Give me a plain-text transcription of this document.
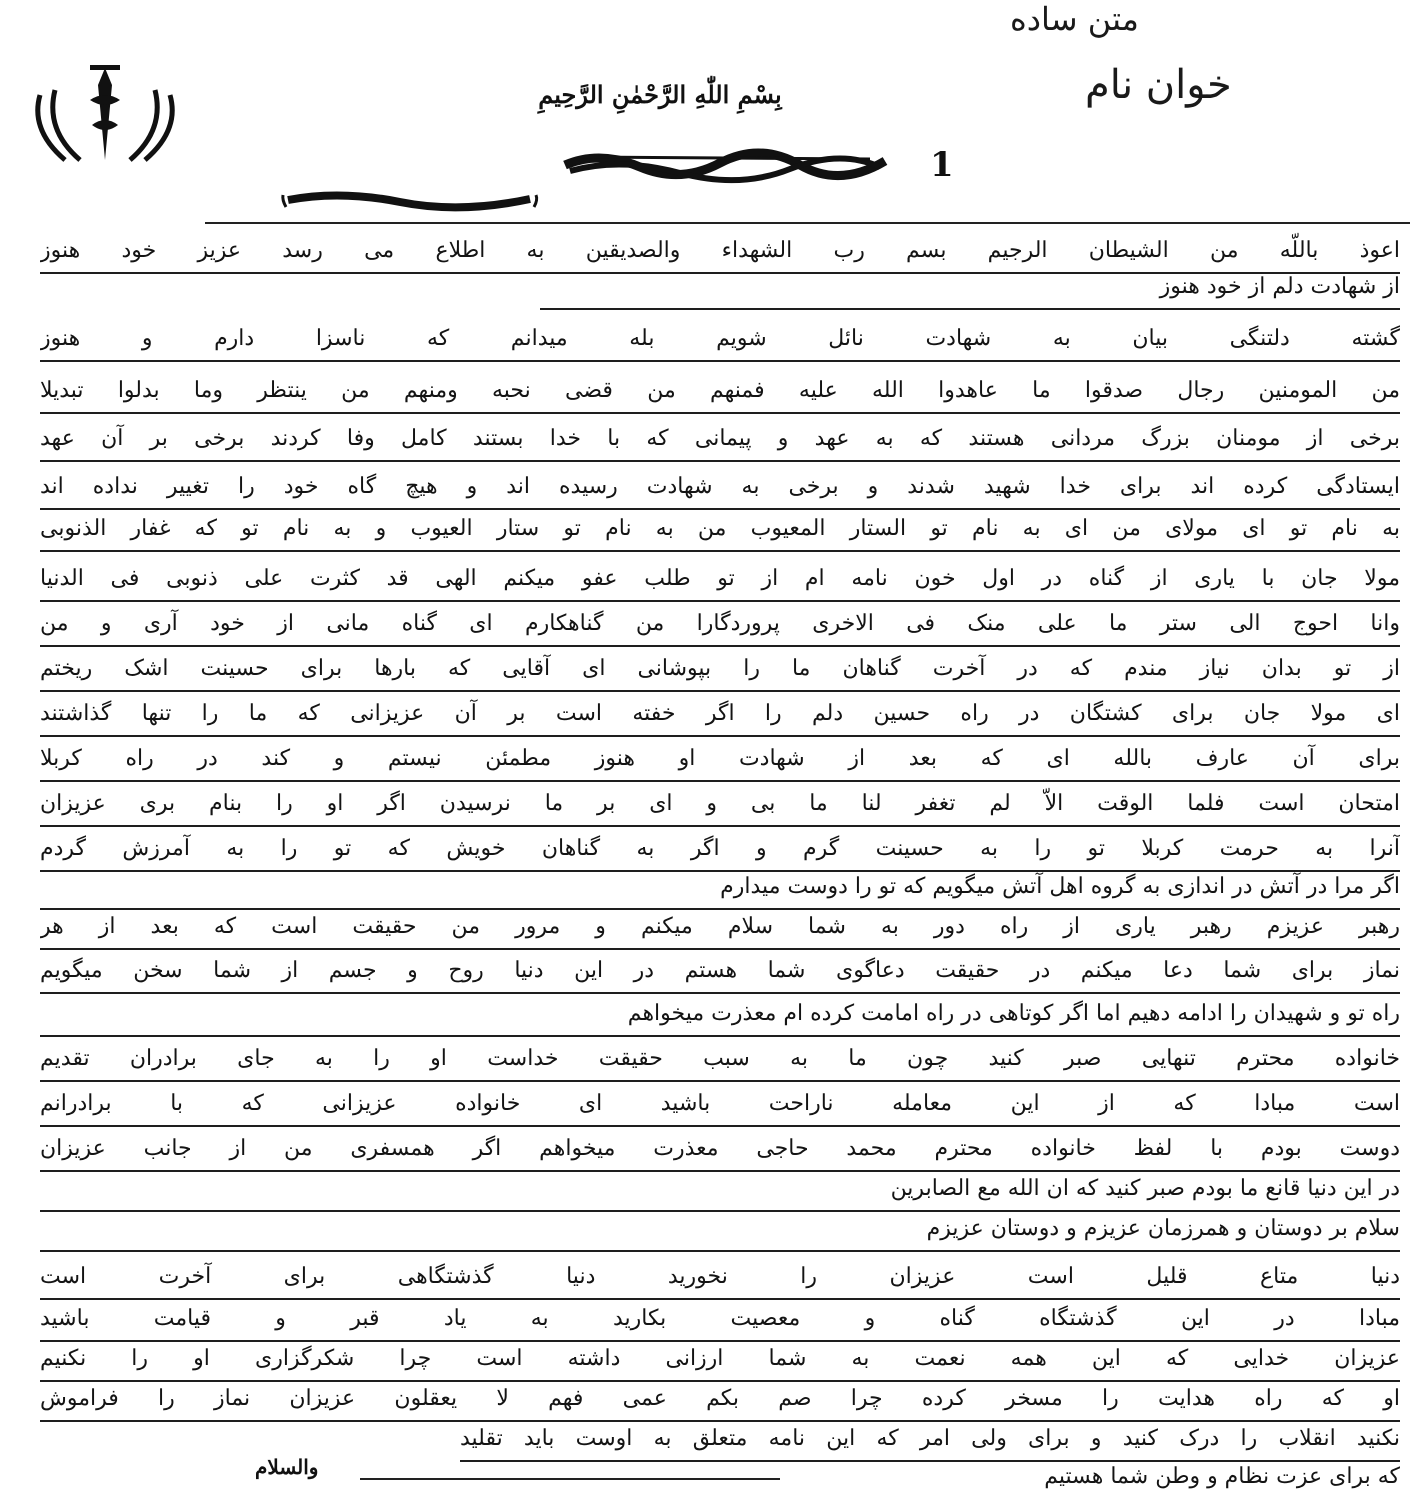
متن ساده
خوان نام
بِسْمِ اللّٰهِ الرَّحْمٰنِ الرَّحِيمِ
1
اعوذ باللّه من الشیطان الرجیم بسم رب الشهداء والصدیقین به اطلاع می رسد عزیز خود هنوز
از شهادت دلم از خود هنوز
گشته دلتنگی بیان به شهادت نائل شویم بله میدانم که ناسزا دارم و هنوز
من المومنین رجال صدقوا ما عاهدوا الله علیه فمنهم من قضی نحبه ومنهم من ینتظر وما بدلوا تبدیلا
برخی از مومنان بزرگ مردانی هستند که به عهد و پیمانی که با خدا بستند کامل وفا کردند برخی بر آن عهد
ایستادگی کرده اند برای خدا شهید شدند و برخی به شهادت رسیده اند و هیچ گاه خود را تغییر نداده اند
به نام تو ای مولای من ای به نام تو الستار المعیوب من به نام تو ستار العیوب و به نام تو که غفار الذنوبی
مولا جان با یاری از گناه در اول خون نامه ام از تو طلب عفو میکنم الهی قد کثرت علی ذنوبی فی الدنیا
وانا احوج الی ستر ما علی منک فی الاخری پروردگارا من گناهکارم ای گناه مانی از خود آری و من
از تو بدان نیاز مندم که در آخرت گناهان ما را بپوشانی ای آقایی که بارها برای حسینت اشک ریختم
ای مولا جان برای کشتگان در راه حسین دلم را اگر خفته است بر آن عزیزانی که ما را تنها گذاشتند
برای آن عارف بالله ای که بعد از شهادت او هنوز مطمئن نیستم و کند در راه کربلا
امتحان است فلما الوقت الاّ لم تغفر لنا ما بی و ای بر ما نرسیدن اگر او را بنام بری عزیزان
آنرا به حرمت کربلا تو را به حسینت گرم و اگر به گناهان خویش که تو را به آمرزش گردم
اگر مرا در آتش در اندازی به گروه اهل آتش میگویم که تو را دوست میدارم
رهبر عزیزم رهبر یاری از راه دور به شما سلام میکنم و مرور من حقیقت است که بعد از هر
نماز برای شما دعا میکنم در حقیقت دعاگوی شما هستم در این دنیا روح و جسم از شما سخن میگویم
راه تو و شهیدان را ادامه دهیم اما اگر کوتاهی در راه امامت کرده ام معذرت میخواهم
خانواده محترم تنهایی صبر کنید چون ما به سبب حقیقت خداست او را به جای برادران تقدیم
است مبادا که از این معامله ناراحت باشید ای خانواده عزیزانی که با برادرانم
دوست بودم با لفظ خانواده محترم محمد حاجی معذرت میخواهم اگر همسفری من از جانب عزیزان
در این دنیا قانع ما بودم صبر کنید که ان الله مع الصابرین
سلام بر دوستان و همرزمان عزیزم و دوستان عزیزم
دنیا متاع قلیل است عزیزان را نخورید دنیا گذشتگاهی برای آخرت است
مبادا در این گذشتگاه گناه و معصیت بکارید به یاد قبر و قیامت باشید
عزیزان خدایی که این همه نعمت به شما ارزانی داشته است چرا شکرگزاری او را نکنیم
او که راه هدایت را مسخر کرده چرا صم بکم عمی فهم لا یعقلون عزیزان نماز را فراموش
نکنید انقلاب را درک کنید و برای ولی امر که این نامه متعلق به اوست باید تقلید
که برای عزت نظام و وطن شما هستیم
والسلام
